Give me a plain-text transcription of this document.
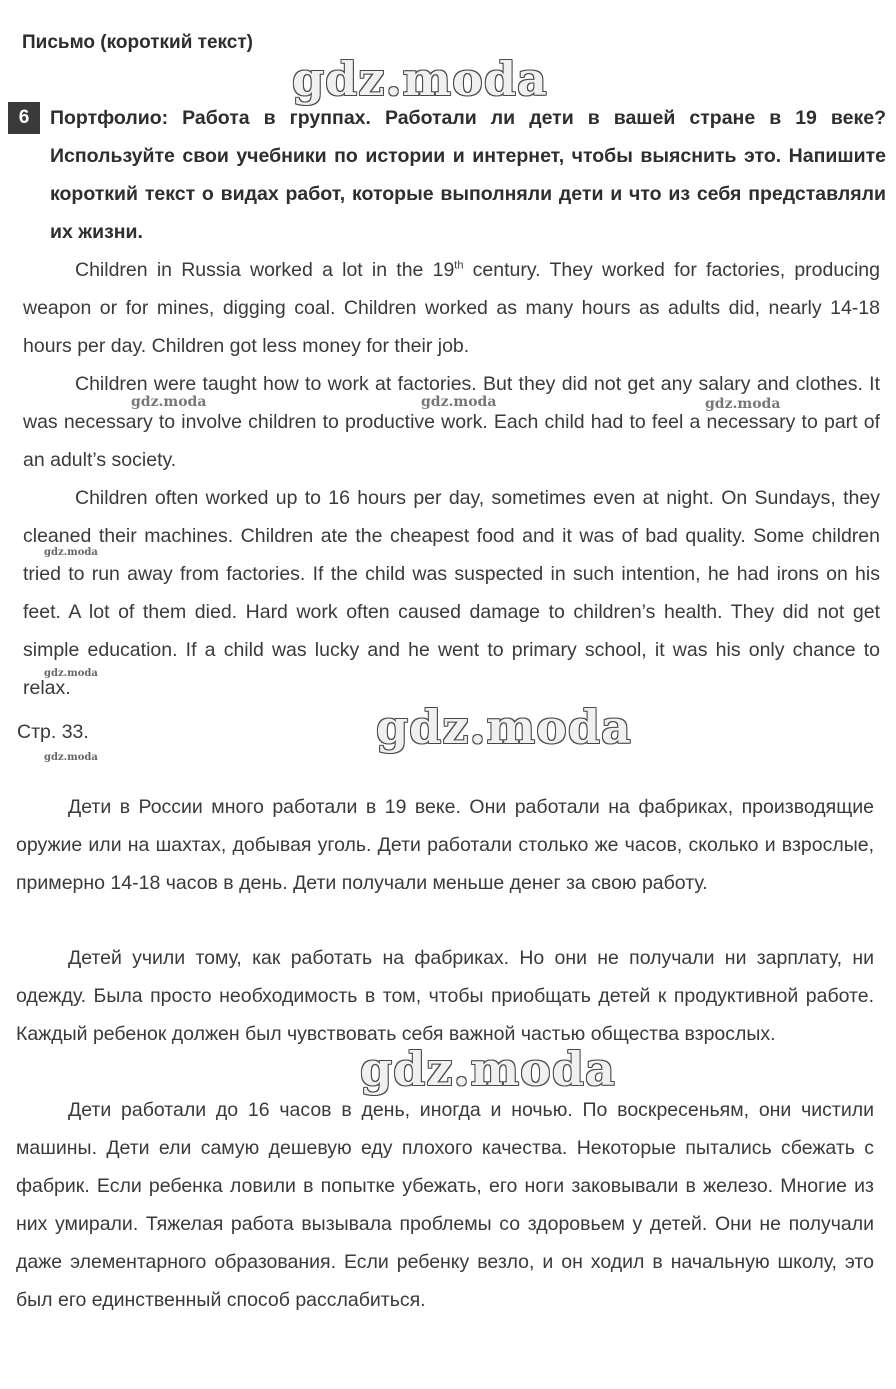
Письмо (короткий текст)
gdz.moda
6	Портфолио: Работа в группах. Работали ли дети в вашей стране в 19 веке? Используйте свои учебники по истории и интернет, чтобы выяснить это. Напишите короткий текст о видах работ, которые выполняли дети и что из себя представляли их жизни.

Children in Russia worked a lot in the 19th century. They worked for factories, producing weapon or for mines, digging coal. Children worked as many hours as adults did, nearly 14-18 hours per day. Children got less money for their job.

Children were taught how to work at factories. But they did not get any salary and clothes. It was necessary to involve children to productive work. Each child had to feel a necessary to part of an adult’s society.

gdz.moda	gdz.moda	gdz.moda

Children often worked up to 16 hours per day, sometimes even at night. On Sundays, they cleaned their machines. Children ate the cheapest food and it was of bad quality. Some children tried to run away from factories. If the child was suspected in such intention, he had irons on his feet. A lot of them died. Hard work often caused damage to children’s health. They did not get simple education. If a child was lucky and he went to primary school, it was his only chance to relax.

gdz.moda
gdz.moda
Стр. 33.	gdz.moda
gdz.moda

Дети в России много работали в 19 веке. Они работали на фабриках, производящие оружие или на шахтах, добывая уголь. Дети работали столько же часов, сколько и взрослые, примерно 14-18 часов в день. Дети получали меньше денег за свою работу.

Детей учили тому, как работать на фабриках. Но они не получали ни зарплату, ни одежду. Была просто необходимость в том, чтобы приобщать детей к продуктивной работе. Каждый ребенок должен был чувствовать себя важной частью общества взрослых.

gdz.moda

Дети работали до 16 часов в день, иногда и ночью. По воскресеньям, они чистили машины. Дети ели самую дешевую еду плохого качества. Некоторые пытались сбежать с фабрик. Если ребенка ловили в попытке убежать, его ноги заковывали в железо. Многие из них умирали. Тяжелая работа вызывала проблемы со здоровьем у детей. Они не получали даже элементарного образования. Если ребенку везло, и он ходил в начальную школу, это был его единственный способ расслабиться.
